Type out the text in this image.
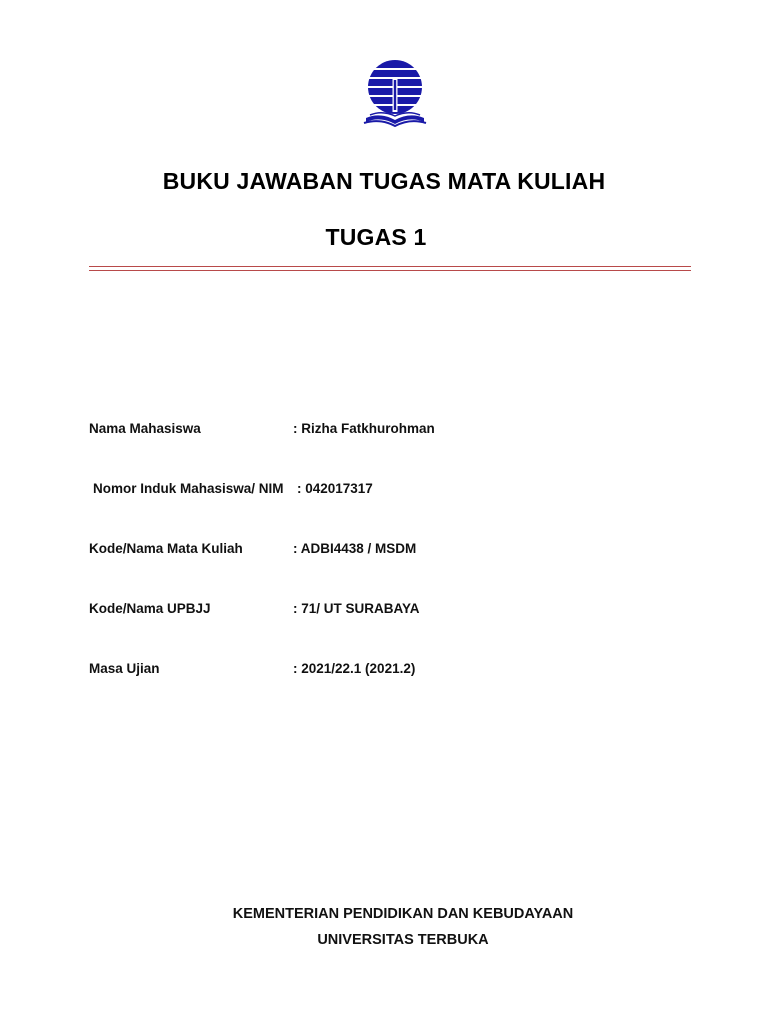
BUKU JAWABAN TUGAS MATA KULIAH
TUGAS 1
Nama Mahasiswa	: Rizha Fatkhurohman
Nomor Induk Mahasiswa/ NIM : 042017317
Kode/Nama Mata Kuliah	: ADBI4438 / MSDM
Kode/Nama UPBJJ	: 71/ UT SURABAYA
Masa Ujian	: 2021/22.1 (2021.2)
KEMENTERIAN PENDIDIKAN DAN KEBUDAYAAN
UNIVERSITAS TERBUKA
